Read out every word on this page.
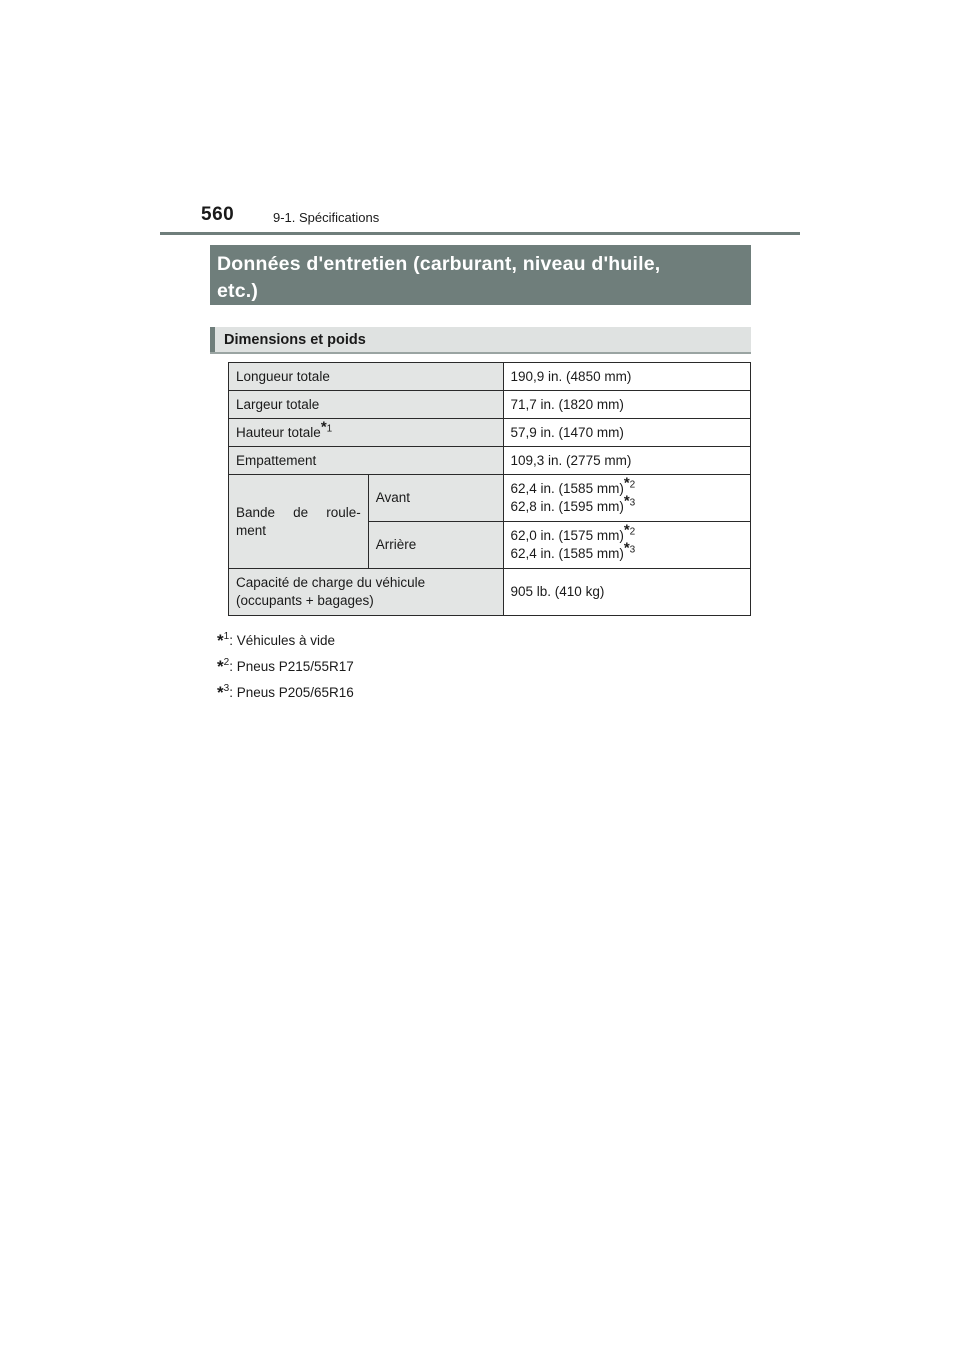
560	9-1. Spécifications
Données d'entretien (carburant, niveau d'huile,
etc.)
Dimensions et poids
Longueur totale		190,9 in. (4850 mm)
Largeur totale		71,7 in. (1820 mm)
Hauteur totale*$^1$		57,9 in. (1470 mm)
Empattement		109,3 in. (2775 mm)

Bande de roule-
ment	Avant	62,4 in. (1585 mm)*$^2$
62,8 in. (1595 mm)*$^3$
	Arrière	62,0 in. (1575 mm)*$^2$
62,4 in. (1585 mm)*$^3$
Capacité de charge du véhicule
(occupants + bagages)		905 lb. (410 kg)
*$^1$: Véhicules à vide
*$^2$: Pneus P215/55R17
*$^3$: Pneus P205/65R16
